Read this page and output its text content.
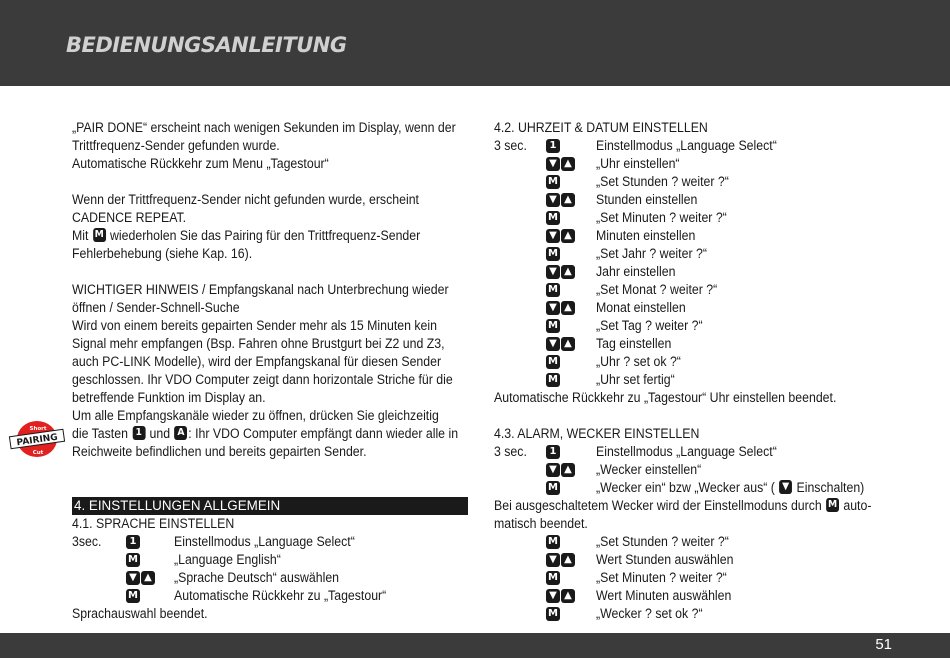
BEDIENUNGSANLEITUNG
PAIRING
Short
Cut
„PAIR DONE“ erscheint nach wenigen Sekunden im Display, wenn der
Trittfrequenz-Sender gefunden wurde.
Automatische Rückkehr zum Menu „Tagestour“
Wenn der Trittfrequenz-Sender nicht gefunden wurde, erscheint
CADENCE REPEAT.
Mit M wiederholen Sie das Pairing für den Trittfrequenz-Sender
Fehlerbehebung (siehe Kap. 16).
WICHTIGER HINWEIS / Empfangskanal nach Unterbrechung wieder
öffnen / Sender-Schnell-Suche
Wird von einem bereits gepairten Sender mehr als 15 Minuten kein
Signal mehr empfangen (Bsp. Fahren ohne Brustgurt bei Z2 und Z3,
auch PC-LINK Modelle), wird der Empfangskanal für diesen Sender
geschlossen. Ihr VDO Computer zeigt dann horizontale Striche für die
betreffende Funktion im Display an.
Um alle Empfangskanäle wieder zu öffnen, drücken Sie gleichzeitig
die Tasten 1 und A : Ihr VDO Computer empfängt dann wieder alle in
Reichweite befindlichen und bereits gepairten Sender.
4. EINSTELLUNGEN ALLGEMEIN
4.1. SPRACHE EINSTELLEN
3sec.	1	Einstellmodus „Language Select“
M	„Language English“
▼ ▲ „Sprache Deutsch“ auswählen
M	Automatische Rückkehr zu „Tagestour“
Sprachauswahl beendet.
4.2. UHRZEIT & DATUM EINSTELLEN
3 sec.	1	Einstellmodus „Language Select“
▼ ▲ „Uhr einstellen“
M	„Set Stunden ? weiter ?“
▼ ▲ Stunden einstellen
M	„Set Minuten ? weiter ?“
▼ ▲ Minuten einstellen
M	„Set Jahr ? weiter ?“
▼ ▲ Jahr einstellen
M	„Set Monat ? weiter ?“
▼ ▲ Monat einstellen
M	„Set Tag ? weiter ?“
▼ ▲ Tag einstellen
M	„Uhr ? set ok ?“
M	„Uhr set fertig“
Automatische Rückkehr zu „Tagestour“ Uhr einstellen beendet.
4.3. ALARM, WECKER EINSTELLEN
3 sec.	1	Einstellmodus „Language Select“
▼ ▲ „Wecker einstellen“
M	„Wecker ein“ bzw „Wecker aus“ ( ▼ Einschalten)
Bei ausgeschaltetem Wecker wird der Einstellmoduns durch M auto-
matisch beendet.
M	„Set Stunden ? weiter ?“
▼ ▲ Wert Stunden auswählen
M	„Set Minuten ? weiter ?“
▼ ▲ Wert Minuten auswählen
M	„Wecker ? set ok ?“
51
